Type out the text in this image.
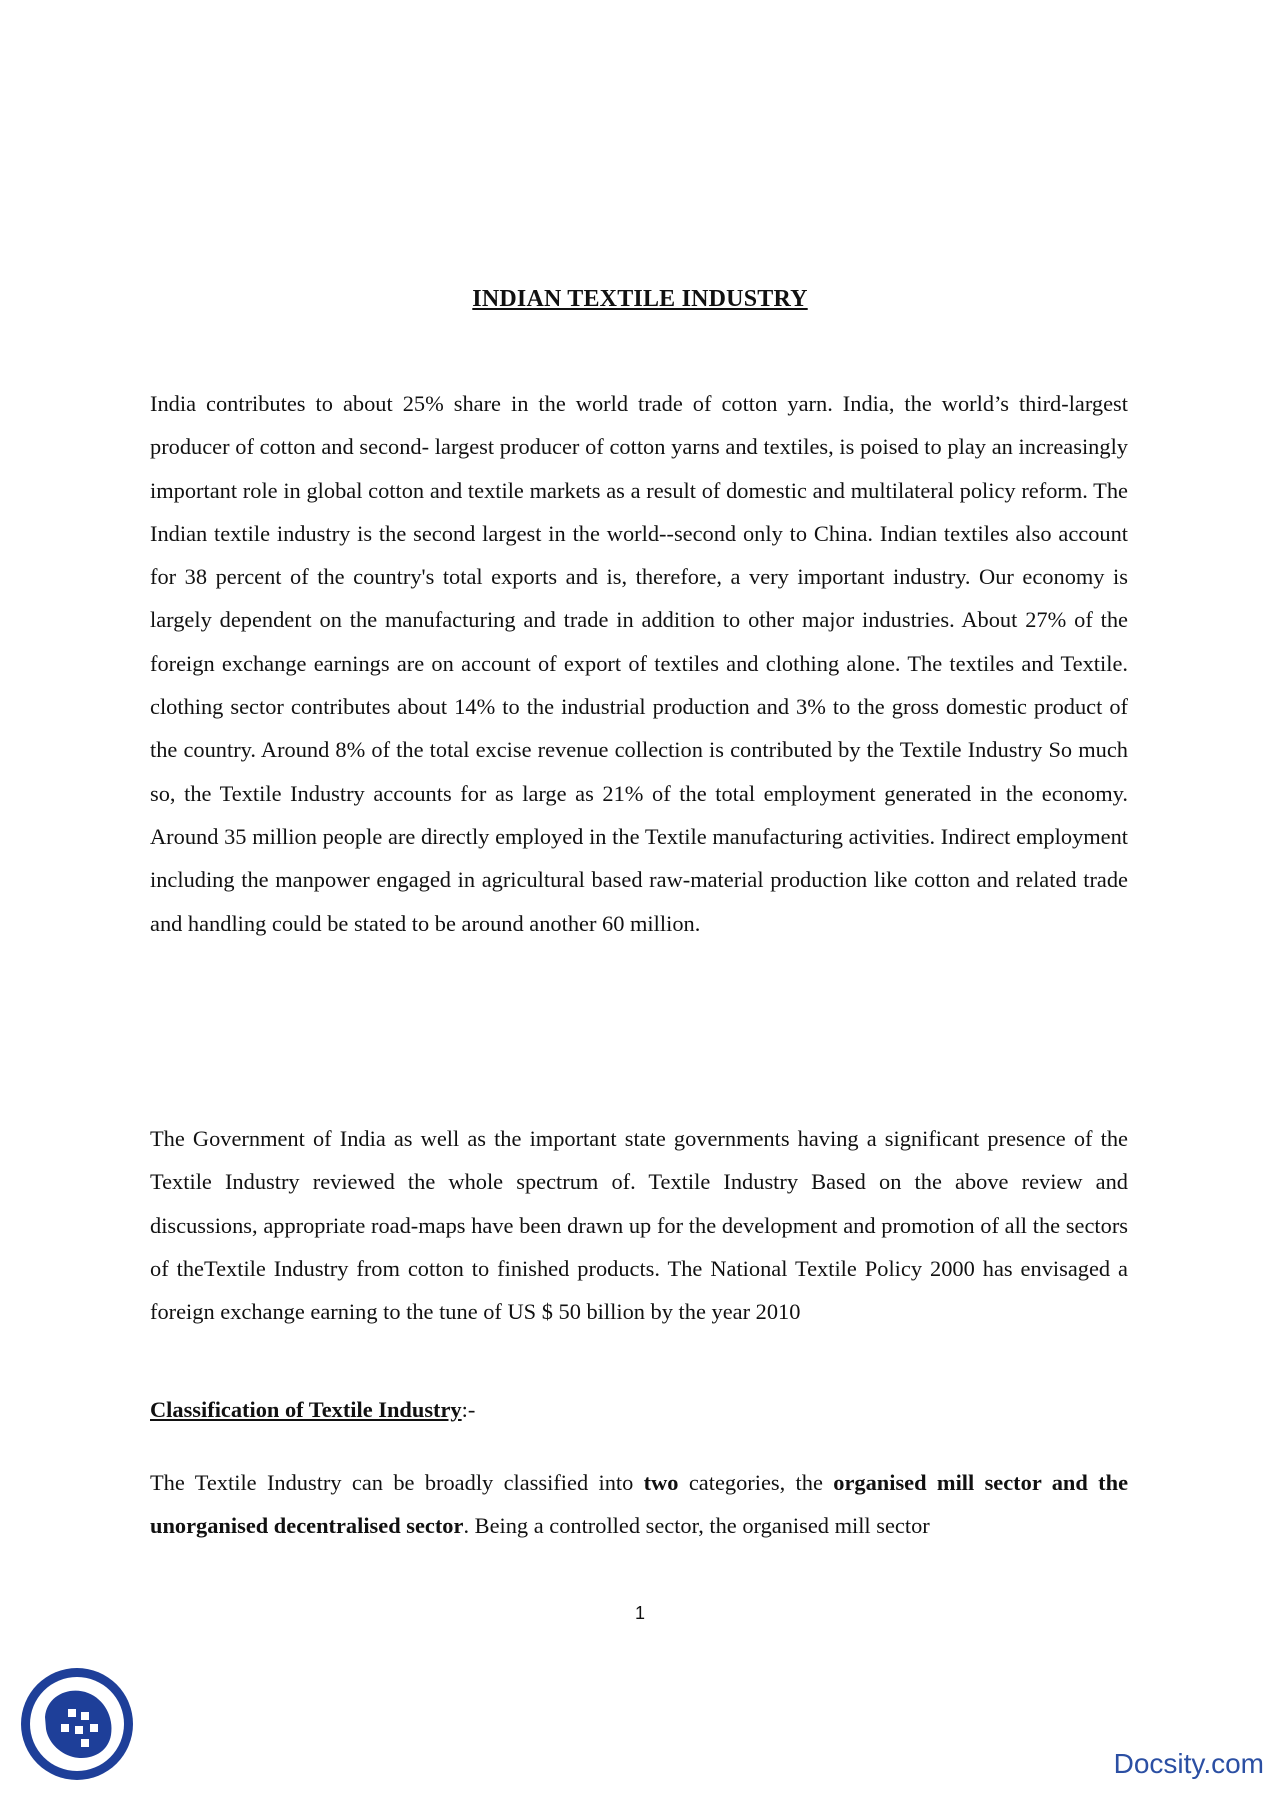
INDIAN TEXTILE INDUSTRY

India contributes to about 25% share in the world trade of cotton yarn. India, the world’s third-largest producer of cotton and second- largest producer of cotton yarns and textiles, is poised to play an increasingly important role in global cotton and textile markets as a result of domestic and multilateral policy reform. The Indian textile industry is the second largest in the world--second only to China. Indian textiles also account for 38 percent of the country's total exports and is, therefore, a very important industry. Our economy is largely dependent on the manufacturing and trade in addition to other major industries. About 27% of the foreign exchange earnings are on account of export of textiles and clothing alone. The textiles and Textile. clothing sector contributes about 14% to the industrial production and 3% to the gross domestic product of the country. Around 8% of the total excise revenue collection is contributed by the Textile Industry So much so, the Textile Industry accounts for as large as 21% of the total employment generated in the economy. Around 35 million people are directly employed in the Textile manufacturing activities. Indirect employment including the manpower engaged in agricultural based raw-material production like cotton and related trade and handling could be stated to be around another 60 million.

The Government of India as well as the important state governments having a significant presence of the Textile Industry reviewed the whole spectrum of. Textile Industry Based on the above review and discussions, appropriate road-maps have been drawn up for the development and promotion of all the sectors of theTextile Industry from cotton to finished products. The National Textile Policy 2000 has envisaged a foreign exchange earning to the tune of US $ 50 billion by the year 2010

Classification of Textile Industry:-

The Textile Industry can be broadly classified into two categories, the organised mill sector and the unorganised decentralised sector. Being a controlled sector, the organised mill sector

1
Docsity.com
